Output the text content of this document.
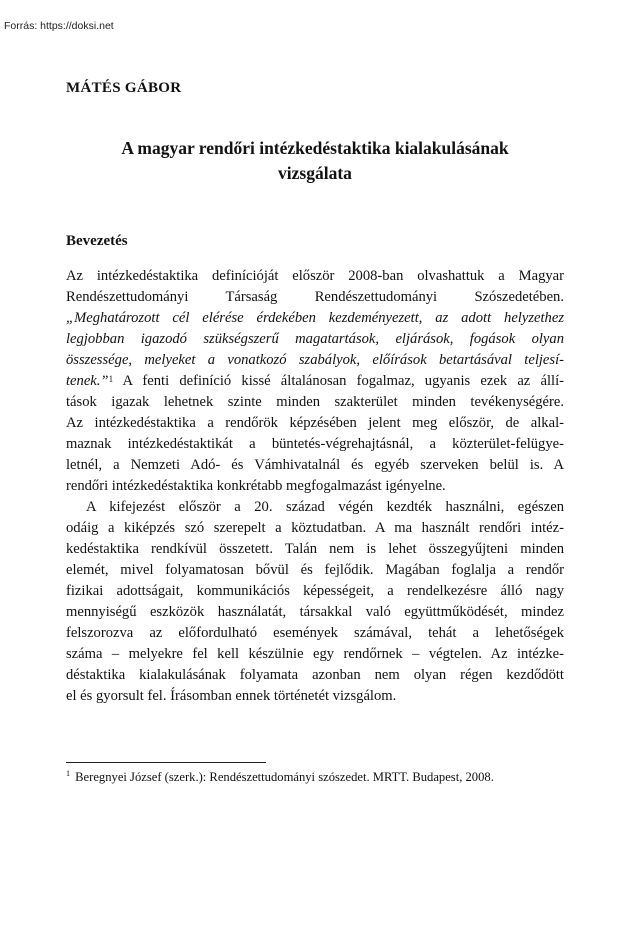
Forrás: https://doksi.net
MÁTÉS GÁBOR
A magyar rendőri intézkedéstaktika kialakulásának
vizsgálata
Bevezetés
Az intézkedéstaktika definícióját először 2008-ban olvashattuk a Magyar
Rendészettudományi Társaság Rendészettudományi Szószedetében.
„Meghatározott cél elérése érdekében kezdeményezett, az adott helyzethez
legjobban igazodó szükségszerű magatartások, eljárások, fogások olyan
összessége, melyeket a vonatkozó szabályok, előírások betartásával teljesí-
tenek.”$^1$ A fenti definíció kissé általánosan fogalmaz, ugyanis ezek az állí-
tások igazak lehetnek szinte minden szakterület minden tevékenységére.
Az intézkedéstaktika a rendőrök képzésében jelent meg először, de alkal-
maznak intézkedéstaktikát a büntetés-végrehajtásnál, a közterület-felügye-
letnél, a Nemzeti Adó- és Vámhivatalnál és egyéb szerveken belül is. A
rendőri intézkedéstaktika konkrétabb megfogalmazást igényelne.
A kifejezést először a 20. század végén kezdték használni, egészen
odáig a kiképzés szó szerepelt a köztudatban. A ma használt rendőri intéz-
kedéstaktika rendkívül összetett. Talán nem is lehet összegyűjteni minden
elemét, mivel folyamatosan bővül és fejlődik. Magában foglalja a rendőr
fizikai adottságait, kommunikációs képességeit, a rendelkezésre álló nagy
mennyiségű eszközök használatát, társakkal való együttműködését, mindez
felszorozva az előfordulható események számával, tehát a lehetőségek
száma – melyekre fel kell készülnie egy rendőrnek – végtelen. Az intézke-
déstaktika kialakulásának folyamata azonban nem olyan régen kezdődött
el és gyorsult fel. Írásomban ennek történetét vizsgálom.
$^1$ Beregnyei József (szerk.): Rendészettudományi szószedet. MRTT. Budapest, 2008.
